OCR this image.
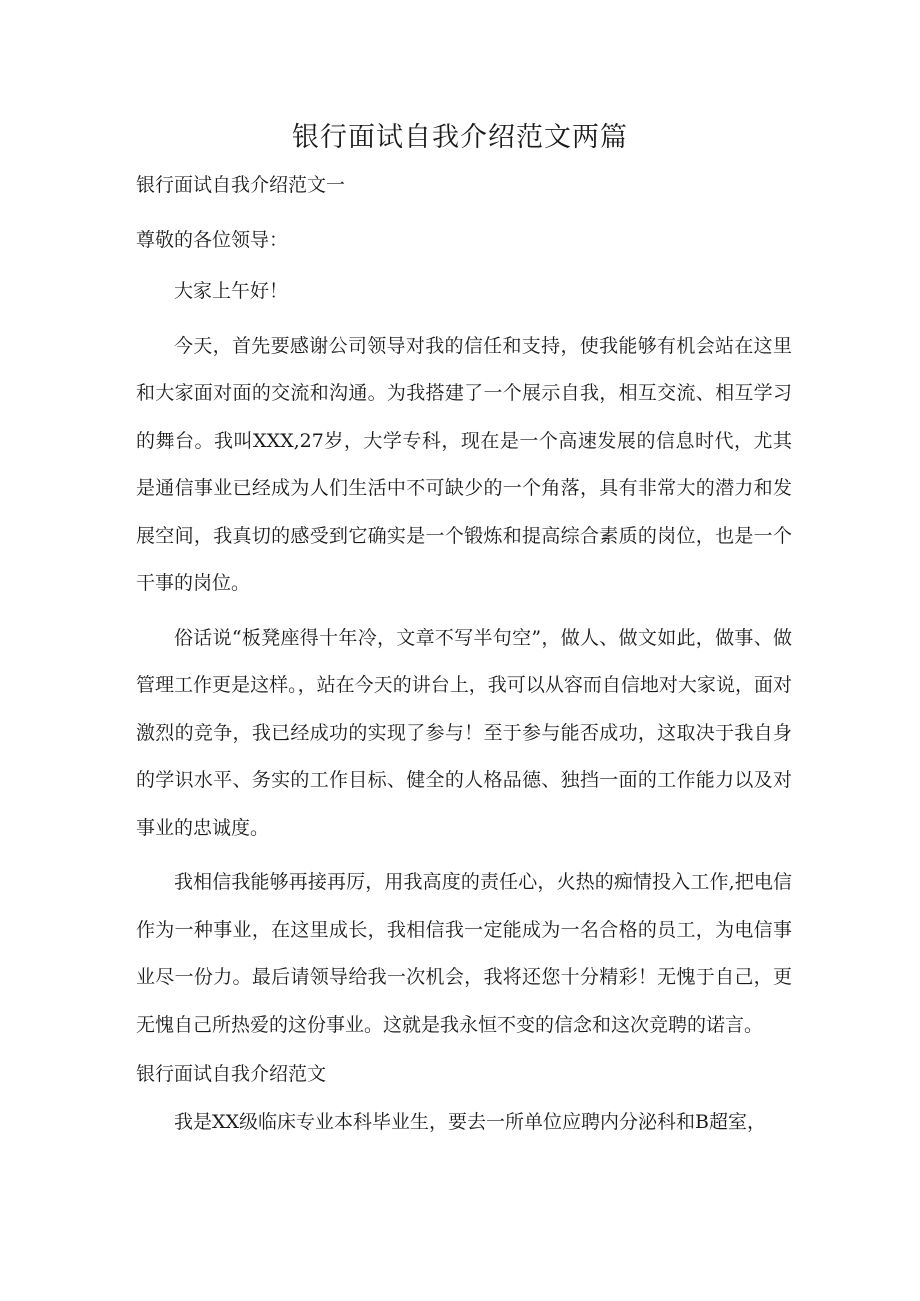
银行面试自我介绍范文两篇

银行面试自我介绍范文一

尊敬的各位领导：

大家上午好！

今天，首先要感谢公司领导对我的信任和支持，使我能够有机会站在这里和大家面对面的交流和沟通。为我搭建了一个展示自我，相互交流、相互学习的舞台。我叫XXX,27岁，大学专科，现在是一个高速发展的信息时代，尤其是通信事业已经成为人们生活中不可缺少的一个角落，具有非常大的潜力和发展空间，我真切的感受到它确实是一个锻炼和提高综合素质的岗位，也是一个干事的岗位。

俗话说“板凳座得十年冷，文章不写半句空”，做人、做文如此，做事、做管理工作更是这样。，站在今天的讲台上，我可以从容而自信地对大家说，面对激烈的竞争，我已经成功的实现了参与！至于参与能否成功，这取决于我自身的学识水平、务实的工作目标、健全的人格品德、独挡一面的工作能力以及对事业的忠诚度。

我相信我能够再接再厉，用我高度的责任心，火热的痴情投入工作,把电信作为一种事业，在这里成长，我相信我一定能成为一名合格的员工，为电信事业尽一份力。最后请领导给我一次机会，我将还您十分精彩！无愧于自己，更无愧自己所热爱的这份事业。这就是我永恒不变的信念和这次竞聘的诺言。

银行面试自我介绍范文

我是XX级临床专业本科毕业生，要去一所单位应聘内分泌科和B超室，
